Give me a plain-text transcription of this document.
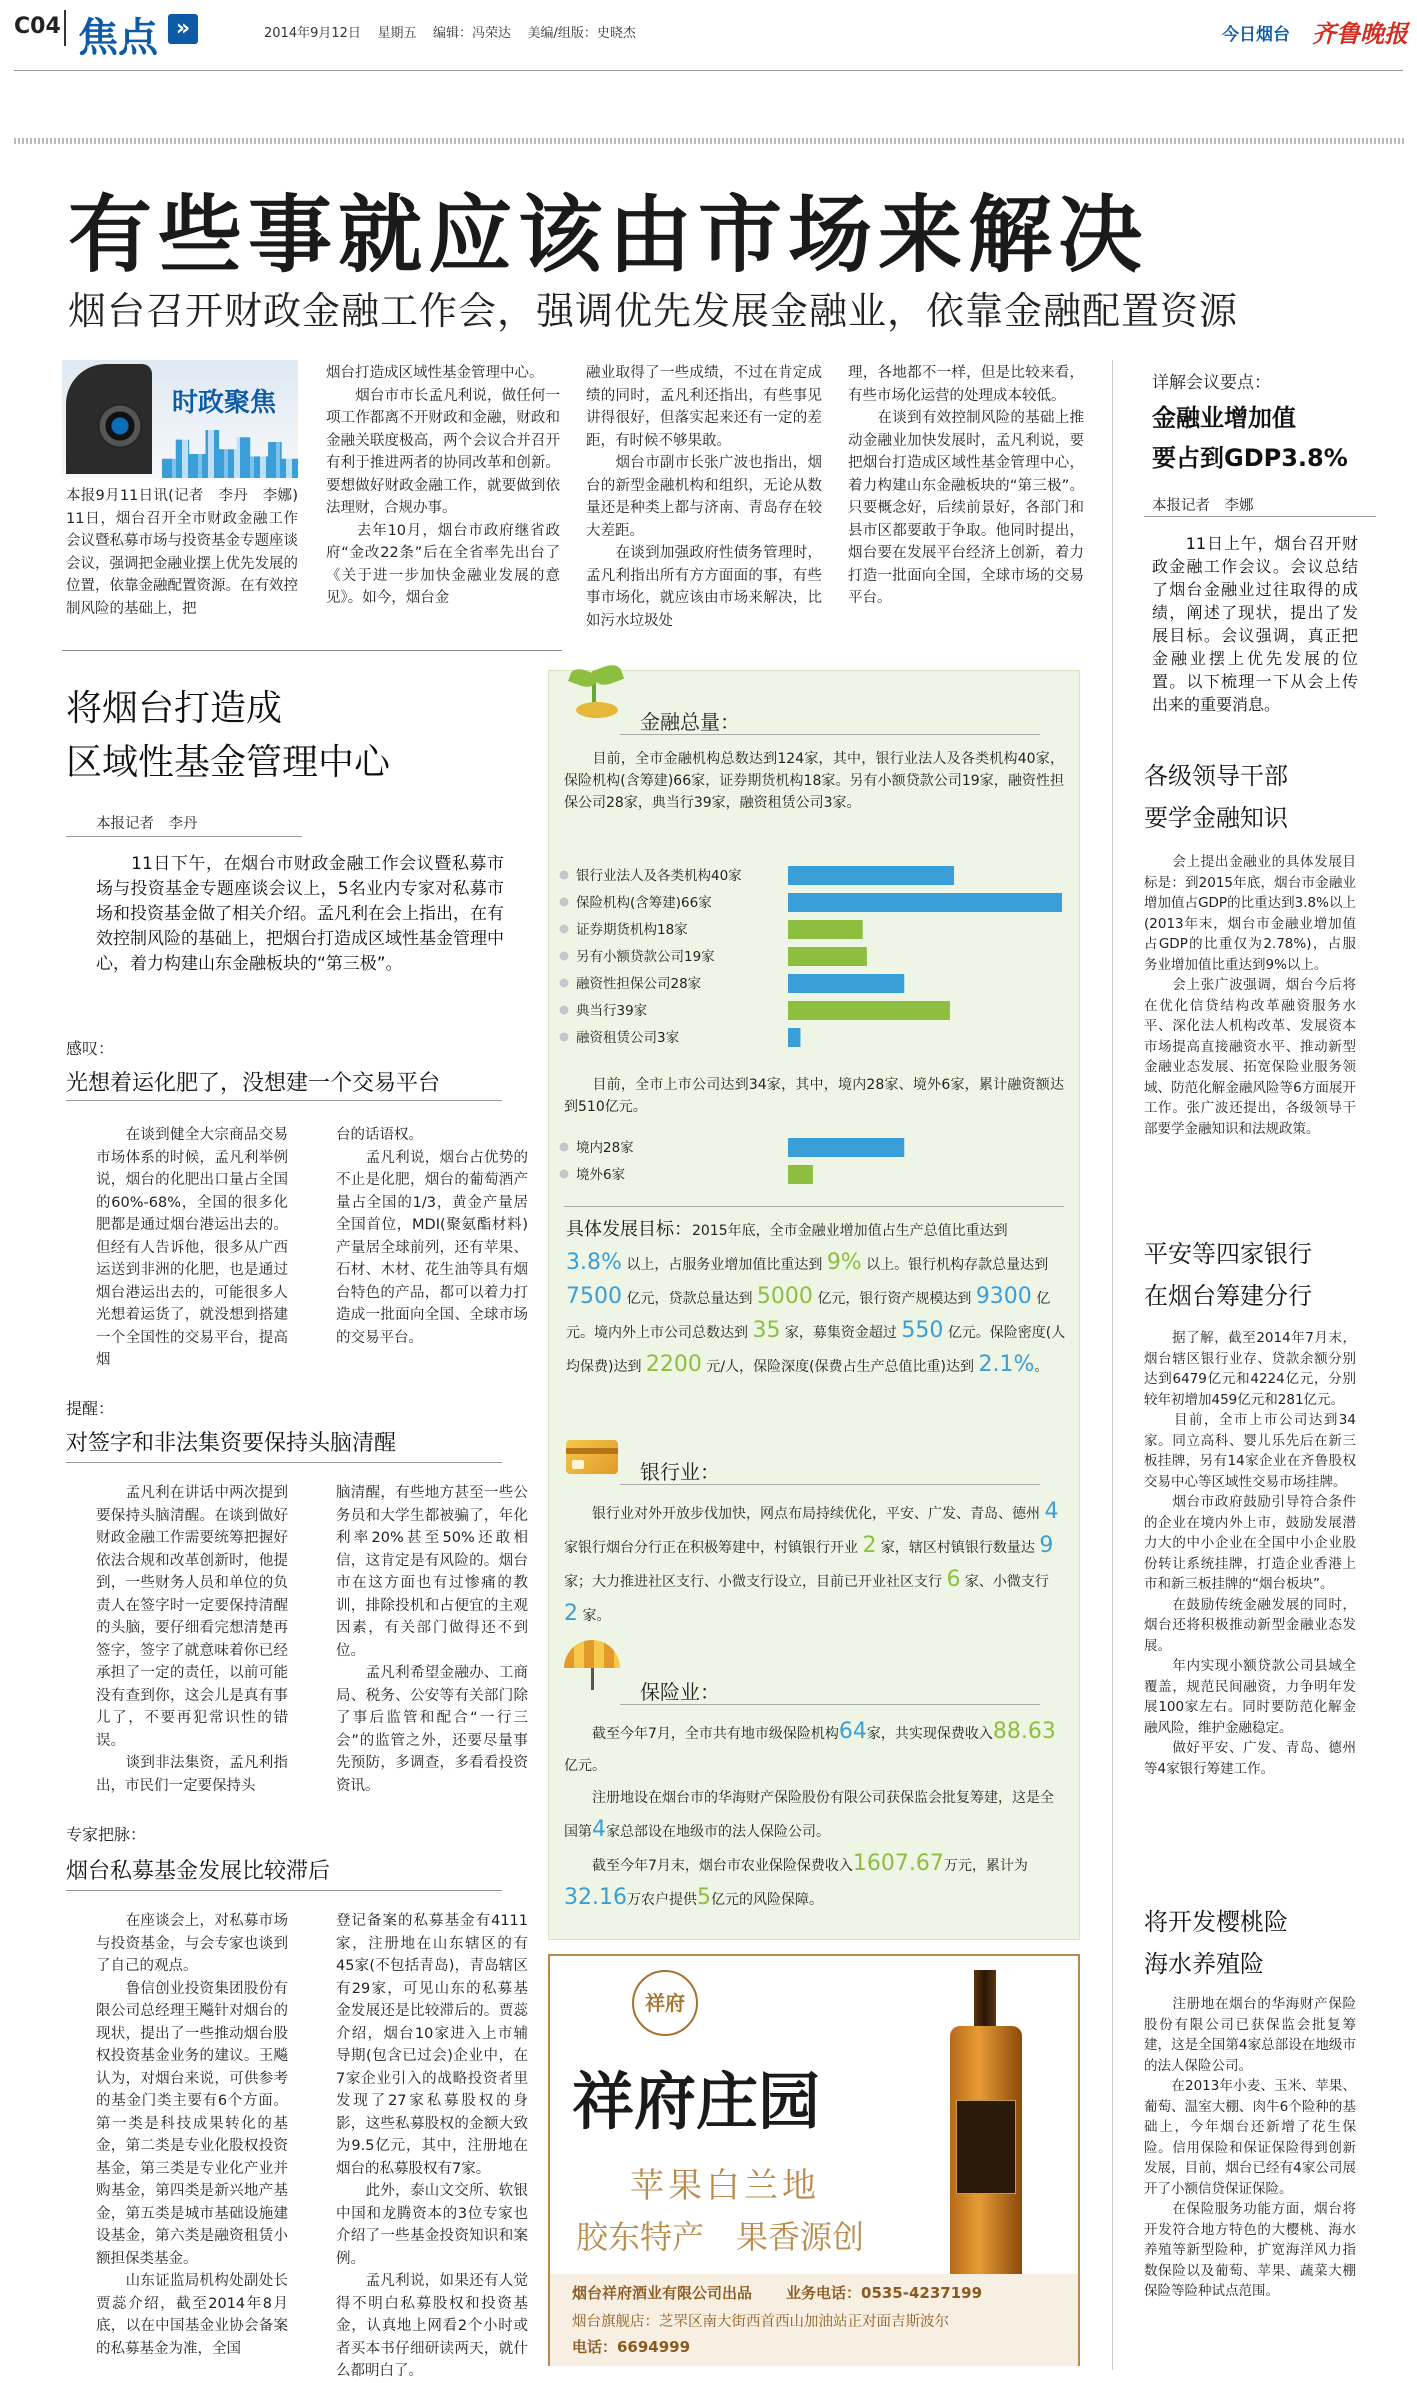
C04 焦点 »	2014年9月12日 星期五 编辑：冯荣达 美编/组版：史晓杰	今日烟台 齐鲁晚报
有些事就应该由市场来解决
烟台召开财政金融工作会，强调优先发展金融业，依靠金融配置资源
时政聚焦
本报9月11日讯(记者　李丹　李娜)　11日，烟台召开全市财政金融工作会议暨私募市场与投资基金专题座谈会议，强调把金融业摆上优先发展的位置，依靠金融配置资源。在有效控制风险的基础上，把
烟台打造成区域性基金管理中心。
　　烟台市市长孟凡利说，做任何一项工作都离不开财政和金融，财政和金融关联度极高，两个会议合并召开有利于推进两者的协同改革和创新。要想做好财政金融工作，就要做到依法理财，合规办事。
　　去年10月，烟台市政府继省政府“金改22条”后在全省率先出台了《关于进一步加快金融业发展的意见》。如今，烟台金
融业取得了一些成绩，不过在肯定成绩的同时，孟凡利还指出，有些事见讲得很好，但落实起来还有一定的差距，有时候不够果敢。
　　烟台市副市长张广波也指出，烟台的新型金融机构和组织，无论从数量还是种类上都与济南、青岛存在较大差距。
　　在谈到加强政府性债务管理时，孟凡利指出所有方方面面的事，有些事市场化，就应该由市场来解决，比如污水垃圾处
理，各地都不一样，但是比较来看，有些市场化运营的处理成本较低。
　　在谈到有效控制风险的基础上推动金融业加快发展时，孟凡利说，要把烟台打造成区域性基金管理中心，着力构建山东金融板块的“第三极”。只要概念好，后续前景好，各部门和县市区都要敢于争取。他同时提出，烟台要在发展平台经济上创新，着力打造一批面向全国，全球市场的交易平台。
将烟台打造成
区域性基金管理中心
本报记者　李丹
　　11日下午，在烟台市财政金融工作会议暨私募市场与投资基金专题座谈会议上，5名业内专家对私募市场和投资基金做了相关介绍。孟凡利在会上指出，在有效控制风险的基础上，把烟台打造成区域性基金管理中心，着力构建山东金融板块的“第三极”。
感叹：
光想着运化肥了，没想建一个交易平台
　　在谈到健全大宗商品交易市场体系的时候，孟凡利举例说，烟台的化肥出口量占全国的60%-68%，全国的很多化肥都是通过烟台港运出去的。但经有人告诉他，很多从广西运送到非洲的化肥，也是通过烟台港运出去的，可能很多人光想着运货了，就没想到搭建一个全国性的交易平台，提高烟
台的话语权。
　　孟凡利说，烟台占优势的不止是化肥，烟台的葡萄酒产量占全国的1/3，黄金产量居全国首位，MDI(聚氨酯材料)产量居全球前列，还有苹果、石材、木材、花生油等具有烟台特色的产品，都可以着力打造成一批面向全国、全球市场的交易平台。
提醒：
对签字和非法集资要保持头脑清醒
　　孟凡利在讲话中两次提到要保持头脑清醒。在谈到做好财政金融工作需要统筹把握好依法合规和改革创新时，他提到，一些财务人员和单位的负责人在签字时一定要保持清醒的头脑，要仔细看完想清楚再签字，签字了就意味着你已经承担了一定的责任，以前可能没有查到你，这会儿是真有事儿了，不要再犯常识性的错误。
　　谈到非法集资，孟凡利指出，市民们一定要保持头
脑清醒，有些地方甚至一些公务员和大学生都被骗了，年化利率20%甚至50%还敢相信，这肯定是有风险的。烟台市在这方面也有过惨痛的教训，排除投机和占便宜的主观因素，有关部门做得还不到位。
　　孟凡利希望金融办、工商局、税务、公安等有关部门除了事后监管和配合“一行三会”的监管之外，还要尽量事先预防，多调查，多看看投资资讯。
专家把脉：
烟台私募基金发展比较滞后
　　在座谈会上，对私募市场与投资基金，与会专家也谈到了自己的观点。
　　鲁信创业投资集团股份有限公司总经理王飚针对烟台的现状，提出了一些推动烟台股权投资基金业务的建议。王飚认为，对烟台来说，可供参考的基金门类主要有6个方面。第一类是科技成果转化的基金，第二类是专业化股权投资基金，第三类是专业化产业并购基金，第四类是新兴地产基金，第五类是城市基础设施建设基金，第六类是融资租赁小额担保类基金。
　　山东证监局机构处副处长贾蕊介绍，截至2014年8月底，以在中国基金业协会备案的私募基金为准，全国
登记备案的私募基金有4111家，注册地在山东辖区的有45家(不包括青岛)，青岛辖区有29家，可见山东的私募基金发展还是比较滞后的。贾蕊介绍，烟台10家进入上市辅导期(包含已过会)企业中，在7家企业引入的战略投资者里发现了27家私募股权的身影，这些私募股权的金额大致为9.5亿元，其中，注册地在烟台的私募股权有7家。
　　此外，泰山文交所、软银中国和龙腾资本的3位专家也介绍了一些基金投资知识和案例。
　　孟凡利说，如果还有人觉得不明白私募股权和投资基金，认真地上网看2个小时或者买本书仔细研读两天，就什么都明白了。
金融总量：
　　目前，全市金融机构总数达到124家，其中，银行业法人及各类机构40家，保险机构(含筹建)66家，证券期货机构18家。另有小额贷款公司19家，融资性担保公司28家，典当行39家，融资租赁公司3家。
银行业法人及各类机构40家
保险机构(含筹建)66家
证券期货机构18家
另有小额贷款公司19家
融资性担保公司28家
典当行39家
融资租赁公司3家
　　目前，全市上市公司达到34家，其中，境内28家、境外6家，累计融资额达到510亿元。
境内28家
境外6家
具体发展目标：2015年底，全市金融业增加值占生产总值比重达到 3.8% 以上，占服务业增加值比重达到 9% 以上。银行机构存款总量达到 7500 亿元，贷款总量达到 5000 亿元，银行资产规模达到 9300 亿元。境内外上市公司总数达到 35 家，募集资金超过 550 亿元。保险密度(人均保费)达到 2200 元/人，保险深度(保费占生产总值比重)达到 2.1%。
银行业：
　　银行业对外开放步伐加快，网点布局持续优化，平安、广发、青岛、德州 4 家银行烟台分行正在积极筹建中，村镇银行开业 2 家，辖区村镇银行数量达 9 家；大力推进社区支行、小微支行设立，目前已开业社区支行 6 家、小微支行 2 家。
保险业：
　　截至今年7月，全市共有地市级保险机构64家，共实现保费收入88.63亿元。
　　注册地设在烟台市的华海财产保险股份有限公司获保监会批复筹建，这是全国第4家总部设在地级市的法人保险公司。
　　截至今年7月末，烟台市农业保险保费收入1607.67万元，累计为32.16万农户提供5亿元的风险保障。
祥府
祥府庄园
苹果白兰地
胶东特产　果香源创
烟台祥府酒业有限公司出品 业务电话：0535-4237199
烟台旗舰店：芝罘区南大街西首西山加油站正对面吉斯波尔
电话：6694999
详解会议要点：
金融业增加值
要占到GDP3.8%
本报记者　李娜
　　11日上午，烟台召开财政金融工作会议。会议总结了烟台金融业过往取得的成绩，阐述了现状，提出了发展目标。会议强调，真正把金融业摆上优先发展的位置。以下梳理一下从会上传出来的重要消息。
各级领导干部
要学金融知识
　　会上提出金融业的具体发展目标是：到2015年底，烟台市金融业增加值占GDP的比重达到3.8%以上(2013年末，烟台市金融业增加值占GDP的比重仅为2.78%)，占服务业增加值比重达到9%以上。
　　会上张广波强调，烟台今后将在优化信贷结构改革融资服务水平、深化法人机构改革、发展资本市场提高直接融资水平、推动新型金融业态发展、拓宽保险业服务领域、防范化解金融风险等6方面展开工作。张广波还提出，各级领导干部要学金融知识和法规政策。
平安等四家银行
在烟台筹建分行
　　据了解，截至2014年7月末，烟台辖区银行业存、贷款余额分别达到6479亿元和4224亿元，分别较年初增加459亿元和281亿元。
　　目前，全市上市公司达到34家。同立高科、婴儿乐先后在新三板挂牌，另有14家企业在齐鲁股权交易中心等区域性交易市场挂牌。
　　烟台市政府鼓励引导符合条件的企业在境内外上市，鼓励发展潜力大的中小企业在全国中小企业股份转让系统挂牌，打造企业香港上市和新三板挂牌的“烟台板块”。
　　在鼓励传统金融发展的同时，烟台还将积极推动新型金融业态发展。
　　年内实现小额贷款公司县域全覆盖，规范民间融资，力争明年发展100家左右。同时要防范化解金融风险，维护金融稳定。
　　做好平安、广发、青岛、德州等4家银行筹建工作。
将开发樱桃险
海水养殖险
　　注册地在烟台的华海财产保险股份有限公司已获保监会批复筹建，这是全国第4家总部设在地级市的法人保险公司。
　　在2013年小麦、玉米、苹果、葡萄、温室大棚、肉牛6个险种的基础上，今年烟台还新增了花生保险。信用保险和保证保险得到创新发展，目前，烟台已经有4家公司展开了小额信贷保证保险。
　　在保险服务功能方面，烟台将开发符合地方特色的大樱桃、海水养殖等新型险种，扩宽海洋风力指数保险以及葡萄、苹果、蔬菜大棚保险等险种试点范围。
